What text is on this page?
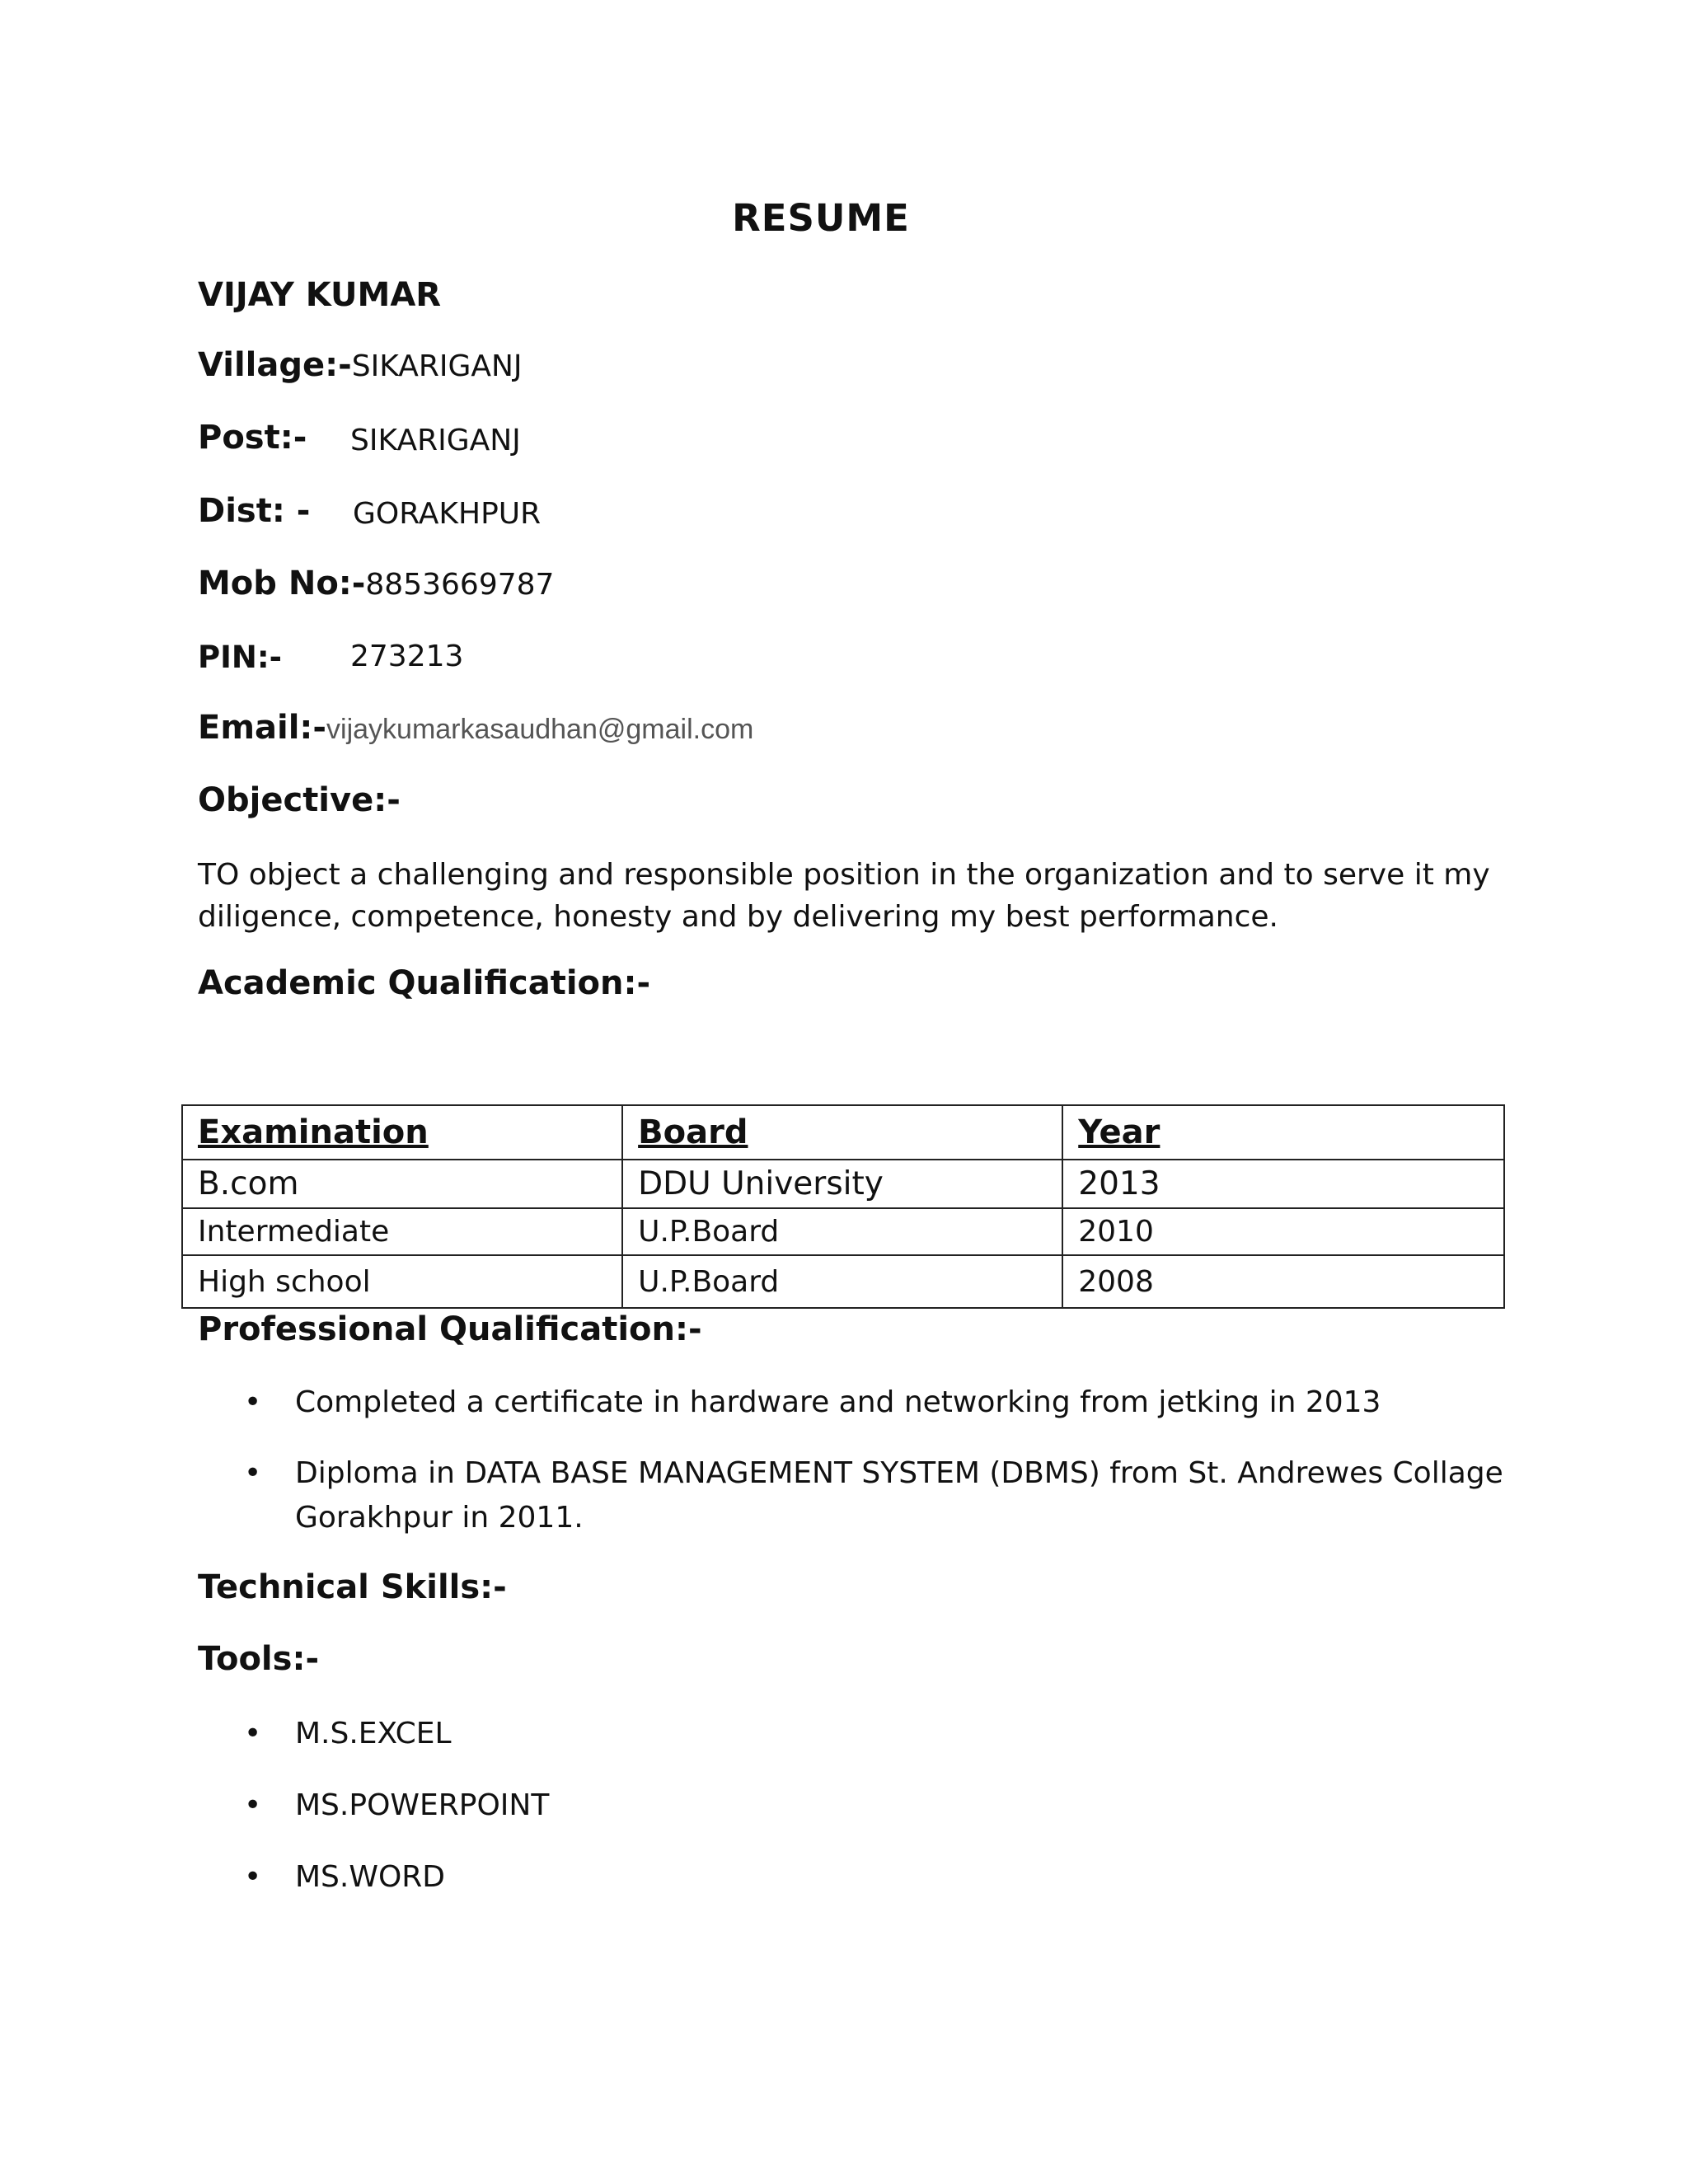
RESUME
VIJAY KUMAR
Village:-SIKARIGANJ
Post:- SIKARIGANJ
Dist: - GORAKHPUR
Mob No:-8853669787
PIN:- 273213
Email:-vijaykumarkasaudhan@gmail.com
Objective:-
TO object a challenging and responsible position in the organization and to serve it my diligence, competence, honesty and by delivering my best performance.
Academic Qualification:-
Examination	Board	Year
B.com	DDU University	2013
Intermediate	U.P.Board	2010
High school	U.P.Board	2008
Professional Qualification:-
• Completed a certificate in hardware and networking from jetking in 2013
• Diploma in DATA BASE MANAGEMENT SYSTEM (DBMS) from St. Andrewes Collage Gorakhpur in 2011.
Technical Skills:-
Tools:-
• M.S.EXCEL
• MS.POWERPOINT
• MS.WORD
